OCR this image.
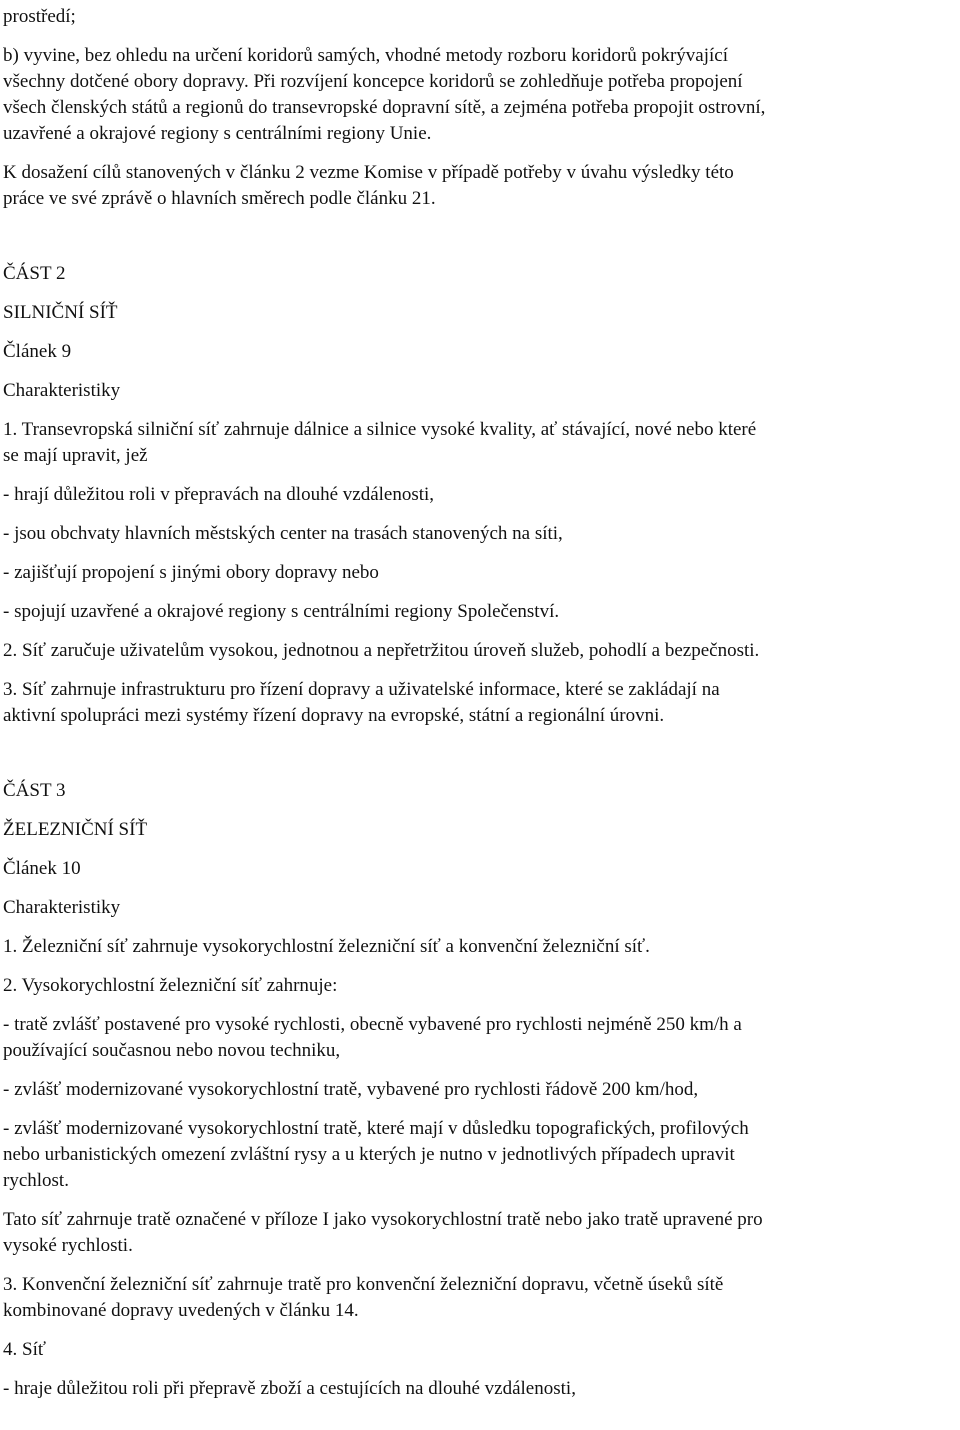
prostředí;

b) vyvine, bez ohledu na určení koridorů samých, vhodné metody rozboru koridorů pokrývající
všechny dotčené obory dopravy. Při rozvíjení koncepce koridorů se zohledňuje potřeba propojení
všech členských států a regionů do transevropské dopravní sítě, a zejména potřeba propojit ostrovní,
uzavřené a okrajové regiony s centrálními regiony Unie.

K dosažení cílů stanovených v článku 2 vezme Komise v případě potřeby v úvahu výsledky této
práce ve své zprávě o hlavních směrech podle článku 21.

ČÁST 2

SILNIČNÍ SÍŤ

Článek 9

Charakteristiky

1. Transevropská silniční síť zahrnuje dálnice a silnice vysoké kvality, ať stávající, nové nebo které
se mají upravit, jež

- hrají důležitou roli v přepravách na dlouhé vzdálenosti,

- jsou obchvaty hlavních městských center na trasách stanovených na síti,

- zajišťují propojení s jinými obory dopravy nebo

- spojují uzavřené a okrajové regiony s centrálními regiony Společenství.

2. Síť zaručuje uživatelům vysokou, jednotnou a nepřetržitou úroveň služeb, pohodlí a bezpečnosti.

3. Síť zahrnuje infrastrukturu pro řízení dopravy a uživatelské informace, které se zakládají na
aktivní spolupráci mezi systémy řízení dopravy na evropské, státní a regionální úrovni.

ČÁST 3

ŽELEZNIČNÍ SÍŤ

Článek 10

Charakteristiky

1. Železniční síť zahrnuje vysokorychlostní železniční síť a konvenční železniční síť.

2. Vysokorychlostní železniční síť zahrnuje:

- tratě zvlášť postavené pro vysoké rychlosti, obecně vybavené pro rychlosti nejméně 250 km/h a
používající současnou nebo novou techniku,

- zvlášť modernizované vysokorychlostní tratě, vybavené pro rychlosti řádově 200 km/hod,

- zvlášť modernizované vysokorychlostní tratě, které mají v důsledku topografických, profilových
nebo urbanistických omezení zvláštní rysy a u kterých je nutno v jednotlivých případech upravit
rychlost.

Tato síť zahrnuje tratě označené v příloze I jako vysokorychlostní tratě nebo jako tratě upravené pro
vysoké rychlosti.

3. Konvenční železniční síť zahrnuje tratě pro konvenční železniční dopravu, včetně úseků sítě
kombinované dopravy uvedených v článku 14.

4. Síť

- hraje důležitou roli při přepravě zboží a cestujících na dlouhé vzdálenosti,
